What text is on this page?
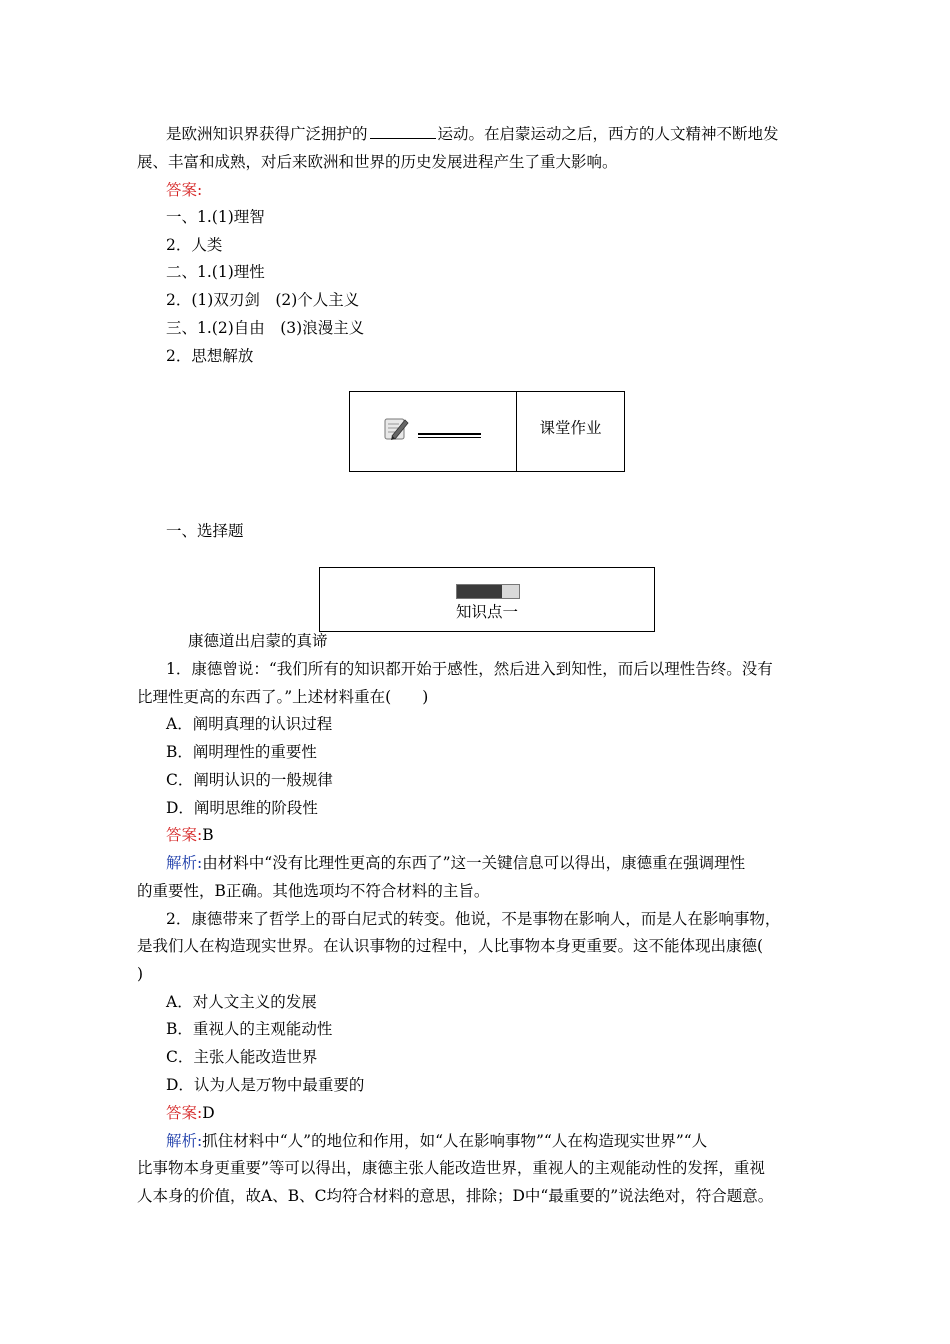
是欧洲知识界获得广泛拥护的	运动。在启蒙运动之后，西方的人文精神不断地发
展、丰富和成熟，对后来欧洲和世界的历史发展进程产生了重大影响。
答案:
一、1.(1)理智
2．人类
二、1.(1)理性
2．(1)双刃剑　(2)个人主义
三、1.(2)自由　(3)浪漫主义
2．思想解放
课堂作业
一、选择题
知识点一
康德道出启蒙的真谛
1．康德曾说：“我们所有的知识都开始于感性，然后进入到知性，而后以理性告终。没有
比理性更高的东西了。”上述材料重在(　　)
A．阐明真理的认识过程
B．阐明理性的重要性
C．阐明认识的一般规律
D．阐明思维的阶段性
答案:B
解析:由材料中“没有比理性更高的东西了”这一关键信息可以得出，康德重在强调理性
的重要性，B正确。其他选项均不符合材料的主旨。
2．康德带来了哲学上的哥白尼式的转变。他说，不是事物在影响人，而是人在影响事物，
是我们人在构造现实世界。在认识事物的过程中，人比事物本身更重要。这不能体现出康德(
)
A．对人文主义的发展
B．重视人的主观能动性
C．主张人能改造世界
D．认为人是万物中最重要的
答案:D
解析:抓住材料中“人”的地位和作用，如“人在影响事物”“人在构造现实世界”“人
比事物本身更重要”等可以得出，康德主张人能改造世界，重视人的主观能动性的发挥，重视
人本身的价值，故A、B、C均符合材料的意思，排除；D中“最重要的”说法绝对，符合题意。
